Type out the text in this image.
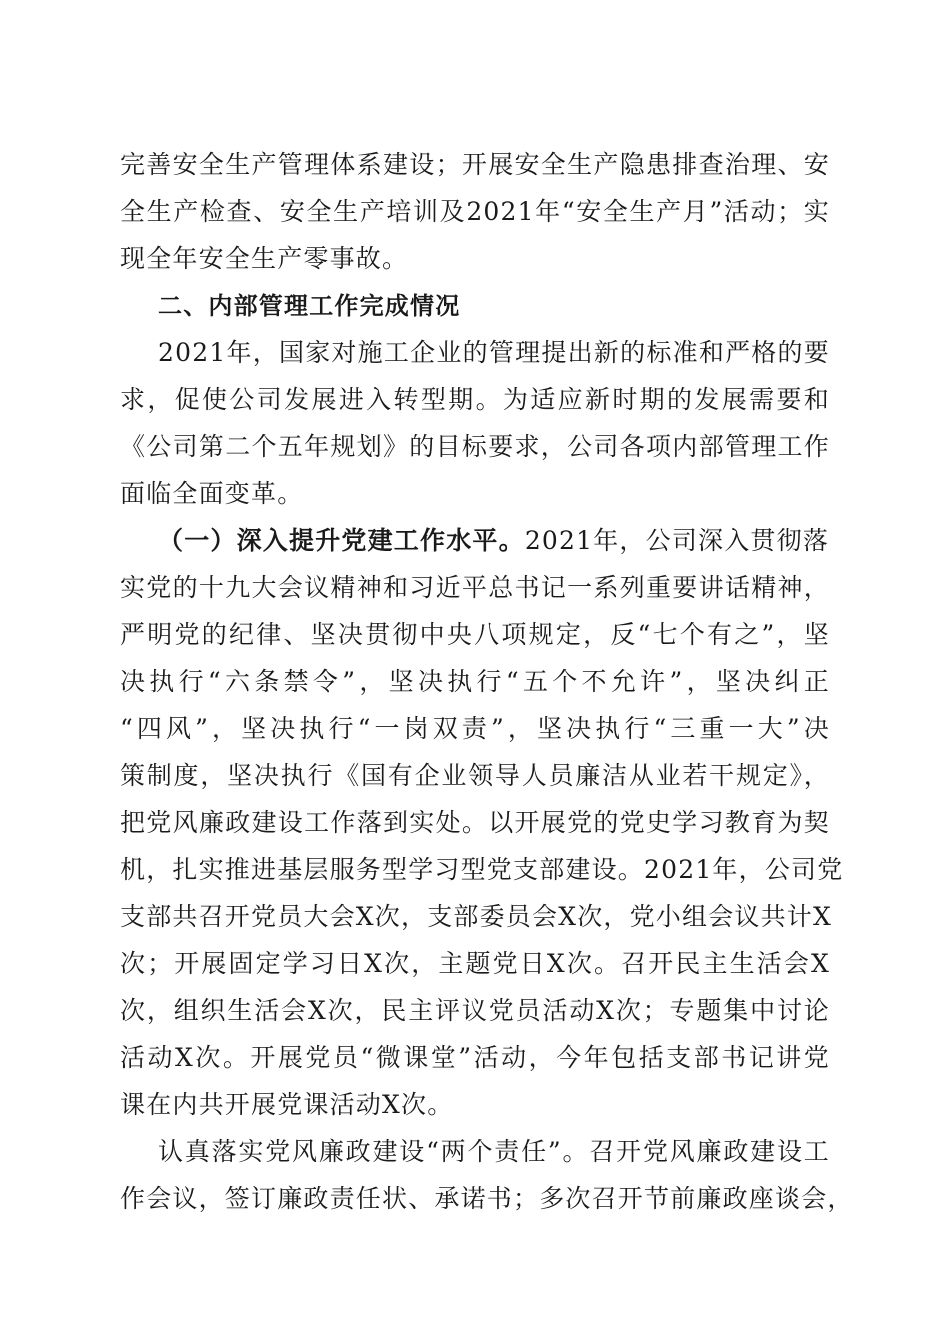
完善安全生产管理体系建设；开展安全生产隐患排查治理、安
全生产检查、安全生产培训及2021年“安全生产月”活动；实
现全年安全生产零事故。
二、内部管理工作完成情况
2021年，国家对施工企业的管理提出新的标准和严格的要
求，促使公司发展进入转型期。为适应新时期的发展需要和
《公司第二个五年规划》的目标要求，公司各项内部管理工作
面临全面变革。
（一）深入提升党建工作水平。2021年，公司深入贯彻落
实党的十九大会议精神和习近平总书记一系列重要讲话精神，
严明党的纪律、坚决贯彻中央八项规定，反“七个有之”，坚
决执行“六条禁令”，坚决执行“五个不允许”，坚决纠正
“四风”，坚决执行“一岗双责”，坚决执行“三重一大”决
策制度，坚决执行《国有企业领导人员廉洁从业若干规定》，
把党风廉政建设工作落到实处。以开展党的党史学习教育为契
机，扎实推进基层服务型学习型党支部建设。2021年，公司党
支部共召开党员大会X次，支部委员会X次，党小组会议共计X
次；开展固定学习日X次，主题党日X次。召开民主生活会X
次，组织生活会X次，民主评议党员活动X次；专题集中讨论
活动X次。开展党员“微课堂”活动，今年包括支部书记讲党
课在内共开展党课活动X次。
认真落实党风廉政建设“两个责任”。召开党风廉政建设工
作会议，签订廉政责任状、承诺书；多次召开节前廉政座谈会，
